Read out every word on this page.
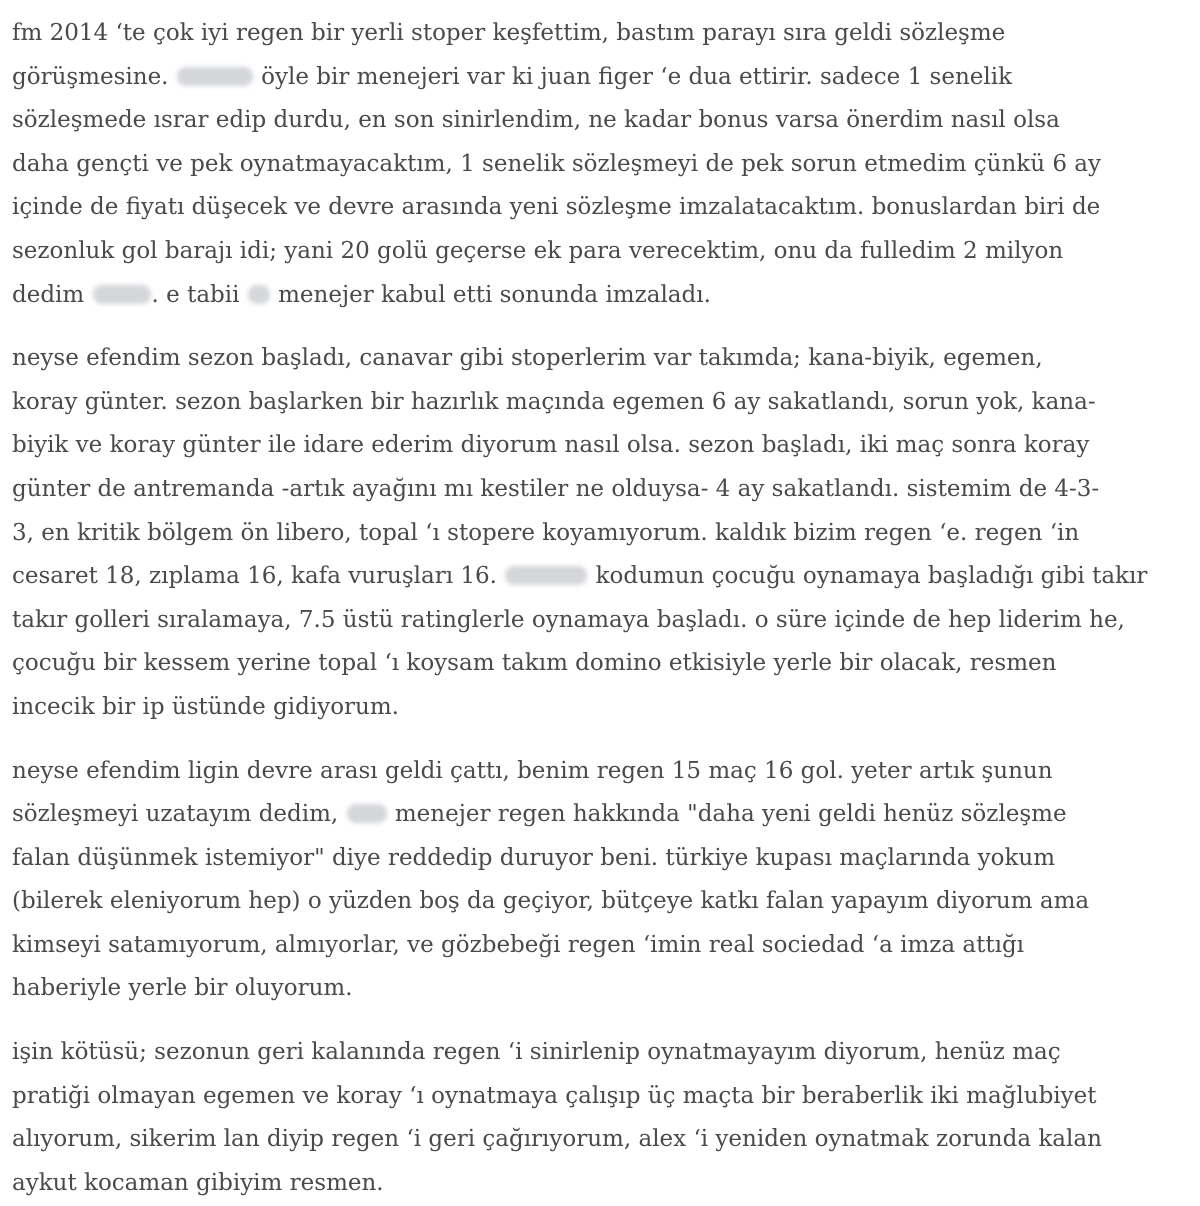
fm 2014 ‘te çok iyi regen bir yerli stoper keşfettim, bastım parayı sıra geldi sözleşme
görüşmesine.	öyle bir menejeri var ki juan figer ‘e dua ettirir. sadece 1 senelik
sözleşmede ısrar edip durdu, en son sinirlendim, ne kadar bonus varsa önerdim nasıl olsa
daha gençti ve pek oynatmayacaktım, 1 senelik sözleşmeyi de pek sorun etmedim çünkü 6 ay
içinde de fiyatı düşecek ve devre arasında yeni sözleşme imzalatacaktım. bonuslardan biri de
sezonluk gol barajı idi; yani 20 golü geçerse ek para verecektim, onu da fulledim 2 milyon
dedim	. e tabii menejer kabul etti sonunda imzaladı.

neyse efendim sezon başladı, canavar gibi stoperlerim var takımda; kana-biyik, egemen,
koray günter. sezon başlarken bir hazırlık maçında egemen 6 ay sakatlandı, sorun yok, kana-
biyik ve koray günter ile idare ederim diyorum nasıl olsa. sezon başladı, iki maç sonra koray
günter de antremanda -artık ayağını mı kestiler ne olduysa- 4 ay sakatlandı. sistemim de 4-3-
3, en kritik bölgem ön libero, topal ‘ı stopere koyamıyorum. kaldık bizim regen ‘e. regen ‘in
cesaret 18, zıplama 16, kafa vuruşları 16.	kodumun çocuğu oynamaya başladığı gibi takır
takır golleri sıralamaya, 7.5 üstü ratinglerle oynamaya başladı. o süre içinde de hep liderim he,
çocuğu bir kessem yerine topal ‘ı koysam takım domino etkisiyle yerle bir olacak, resmen
incecik bir ip üstünde gidiyorum.

neyse efendim ligin devre arası geldi çattı, benim regen 15 maç 16 gol. yeter artık şunun
sözleşmeyi uzatayım dedim, menejer regen hakkında "daha yeni geldi henüz sözleşme
falan düşünmek istemiyor" diye reddedip duruyor beni. türkiye kupası maçlarında yokum
(bilerek eleniyorum hep) o yüzden boş da geçiyor, bütçeye katkı falan yapayım diyorum ama
kimseyi satamıyorum, almıyorlar, ve gözbebeği regen ‘imin real sociedad ‘a imza attığı
haberiyle yerle bir oluyorum.

işin kötüsü; sezonun geri kalanında regen ‘i sinirlenip oynatmayayım diyorum, henüz maç
pratiği olmayan egemen ve koray ‘ı oynatmaya çalışıp üç maçta bir beraberlik iki mağlubiyet
alıyorum, sikerim lan diyip regen ‘i geri çağırıyorum, alex ‘i yeniden oynatmak zorunda kalan
aykut kocaman gibiyim resmen.
